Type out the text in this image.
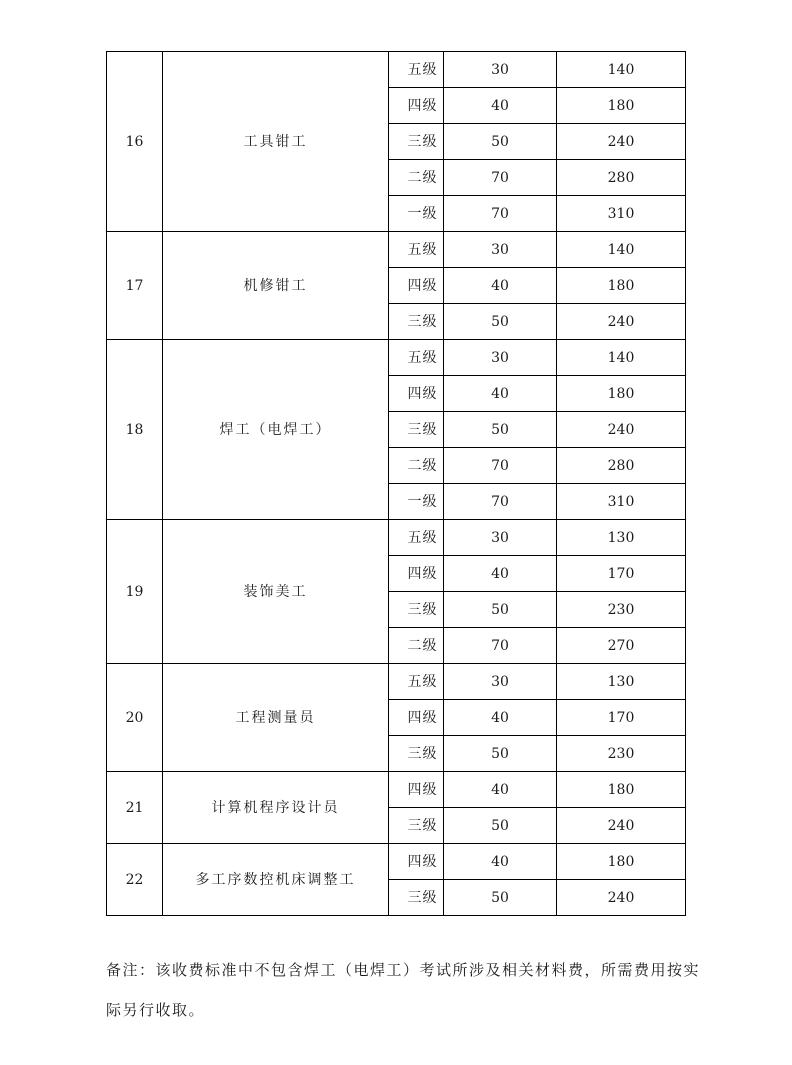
16	工具钳工	五级	30	140
		四级	40	180
		三级	50	240
		二级	70	280
		一级	70	310
17	机修钳工	五级	30	140
		四级	40	180
		三级	50	240
18	焊工（电焊工）	五级	30	140
		四级	40	180
		三级	50	240
		二级	70	280
		一级	70	310
19	装饰美工	五级	30	130
		四级	40	170
		三级	50	230
		二级	70	270
20	工程测量员	五级	30	130
		四级	40	170
		三级	50	230
21	计算机程序设计员	四级	40	180
		三级	50	240
22	多工序数控机床调整工	四级	40	180
		三级	50	240

备注：该收费标准中不包含焊工（电焊工）考试所涉及相关材料费，所需费用按实
际另行收取。
